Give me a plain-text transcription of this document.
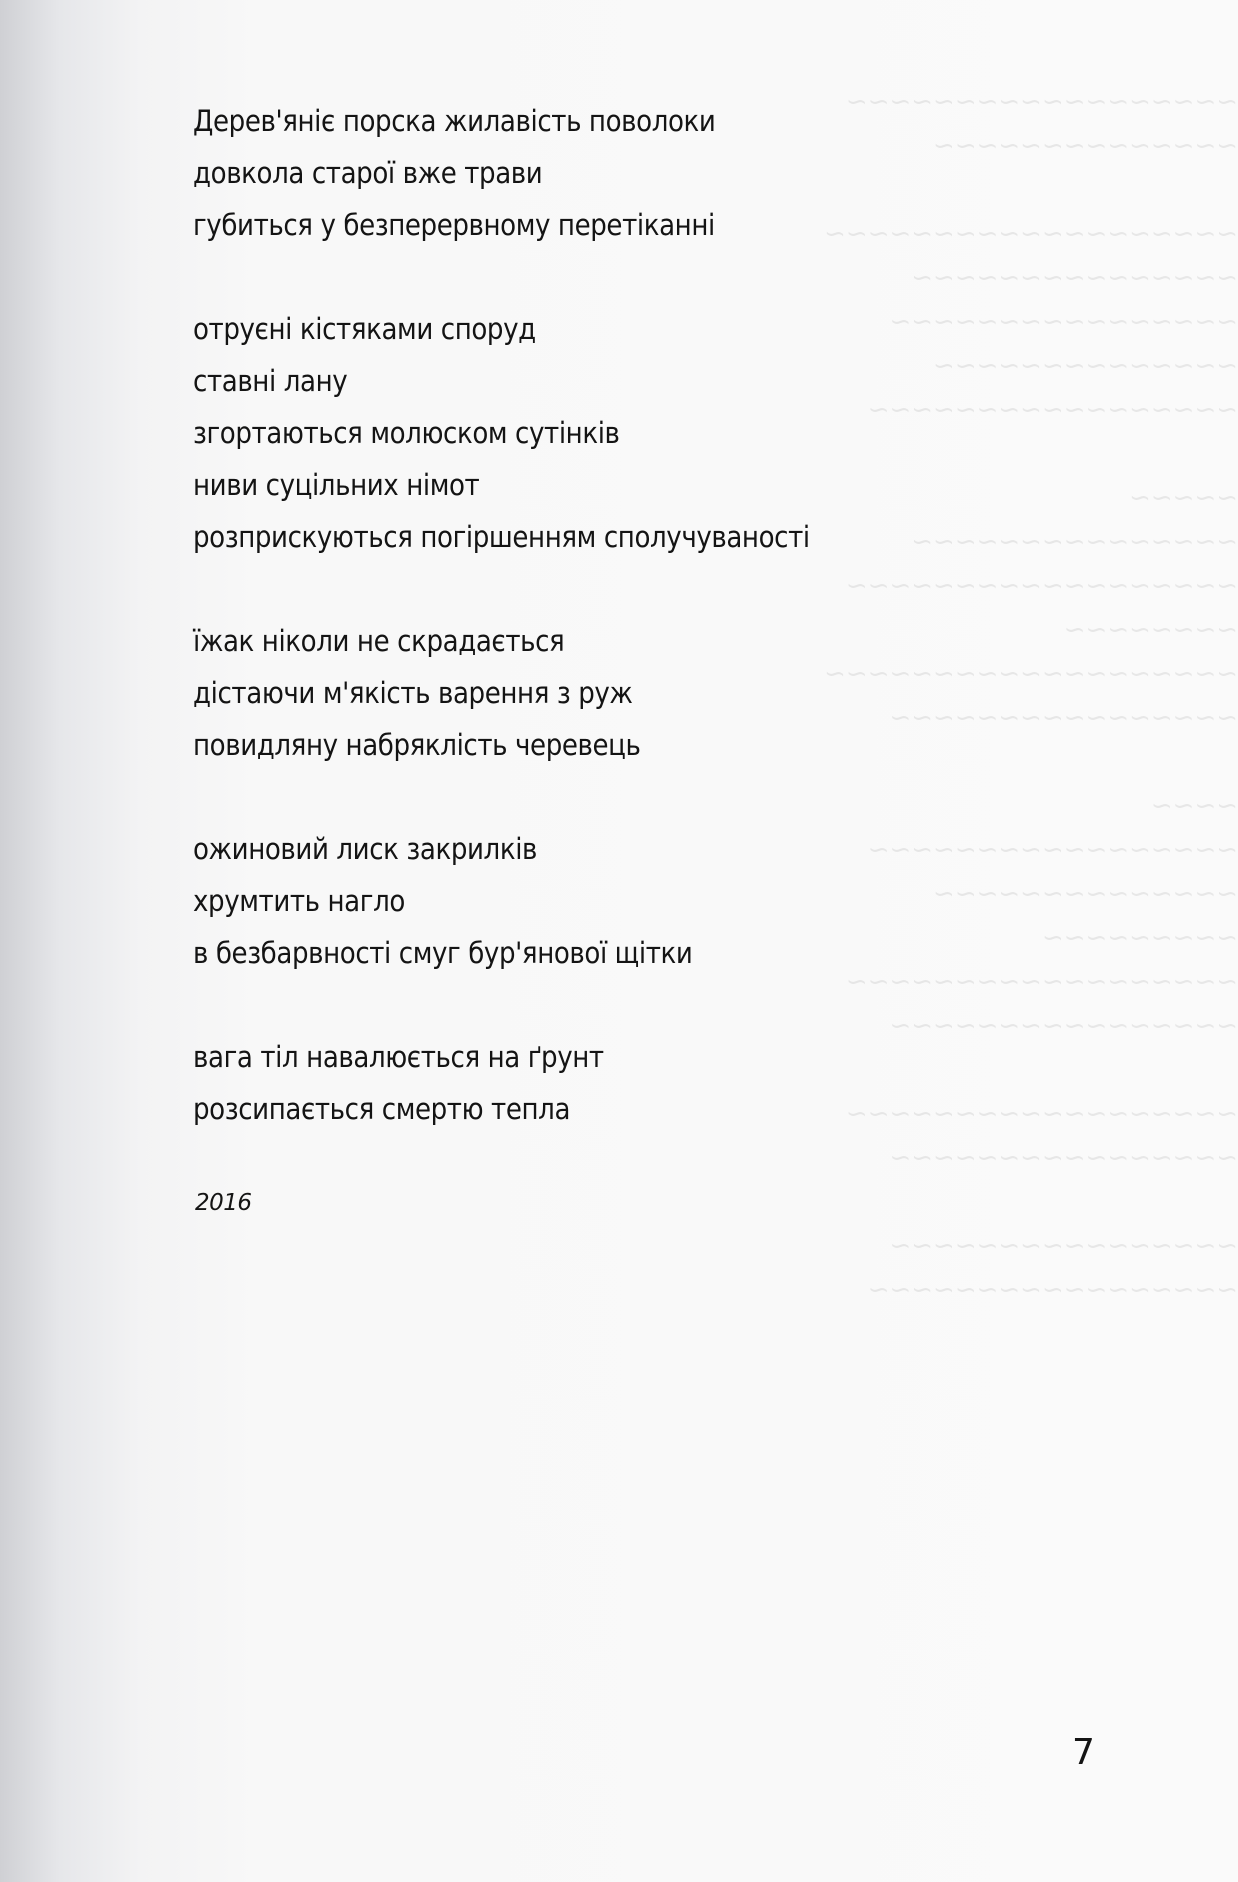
~~~~~~~~~~~~~~~~~~
~~~~~~~~~~~~~~

~~~~~~~~~~~~~~~~~~~
~~~~~~~~~~~~~~~
~~~~~~~~~~~~~~~~
~~~~~~~~~~~~~~
~~~~~~~~~~~~~~~~~

~~~~~
~~~~~~~~~~~~~~~
~~~~~~~~~~~~~~~~~~
~~~~~~~~
~~~~~~~~~~~~~~~~~~~
~~~~~~~~~~~~~~~~

~~~~
~~~~~~~~~~~~~~~~~
~~~~~~~~~~~~~~
~~~~~~~~~
~~~~~~~~~~~~~~~~~~
~~~~~~~~~~~~~~~~

~~~~~~~~~~~~~~~~~~
~~~~~~~~~~~~~~~~

~~~~~~~~~~~~~~~~
~~~~~~~~~~~~~~~~~
Дерев'яніє порска жилавість поволоки
довкола старої вже трави
губиться у безперервному перетіканні
отруєні кістяками споруд
ставні лану
згортаються молюском сутінків
ниви суцільних німот
розприскуються погіршенням сполучуваності
їжак ніколи не скрадається
дістаючи м'якість варення з руж
повидляну набряклість черевець
ожиновий лиск закрилків
хрумтить нагло
в безбарвності смуг бур'янової щітки
вага тіл навалюється на ґрунт
розсипається смертю тепла
2016
7
